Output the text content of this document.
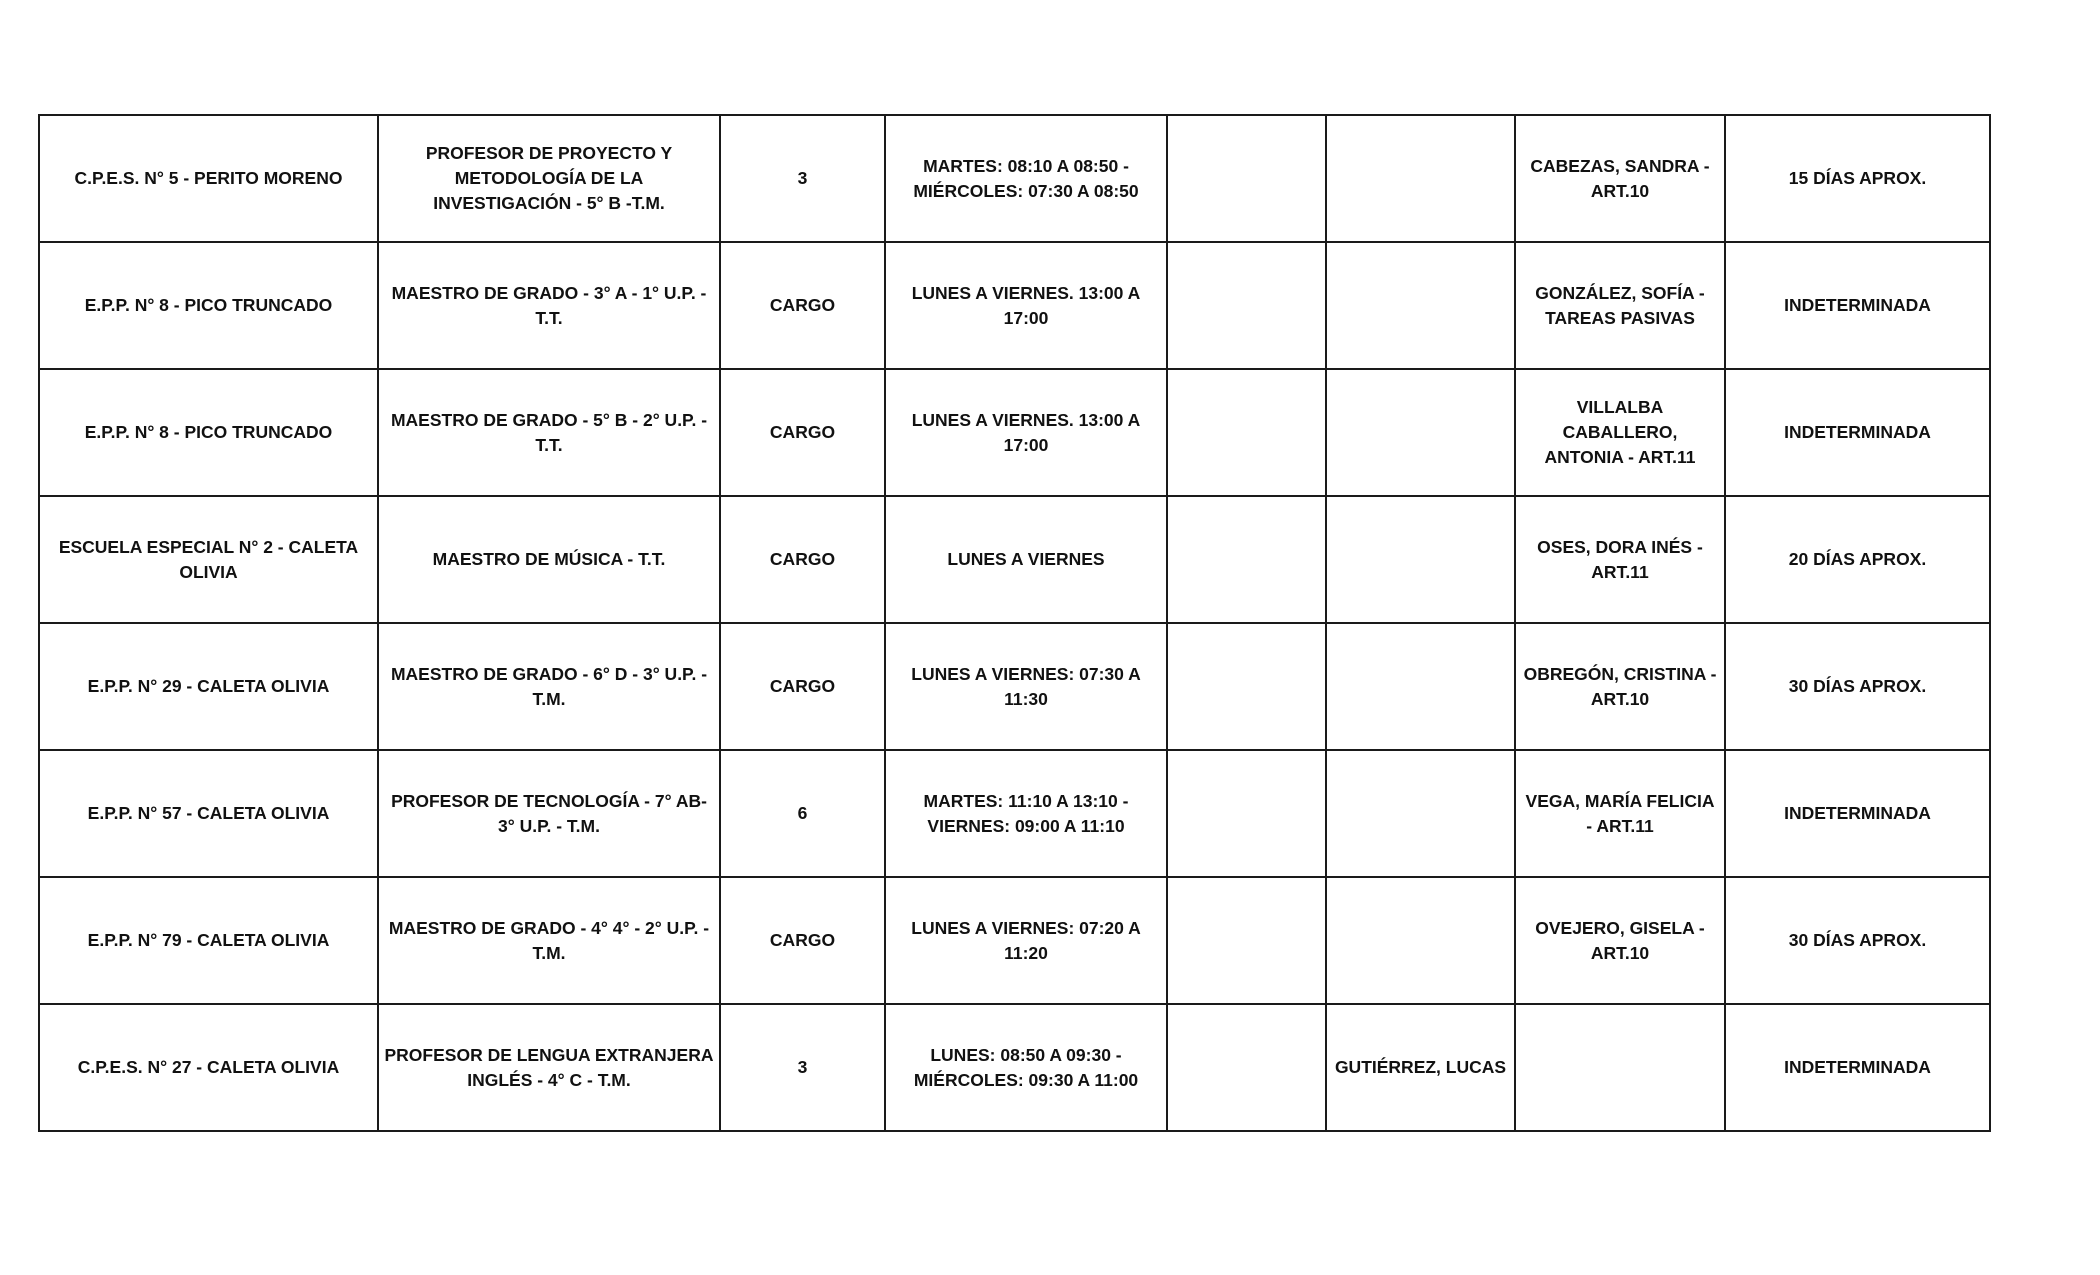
C.P.E.S. N° 5 - PERITO MORENO	PROFESOR DE PROYECTO Y METODOLOGÍA DE LA INVESTIGACIÓN - 5° B -T.M.	3	MARTES: 08:10 A 08:50 - MIÉRCOLES: 07:30 A 08:50			CABEZAS, SANDRA - ART.10	15 DÍAS APROX.
E.P.P. N° 8 - PICO TRUNCADO	MAESTRO DE GRADO - 3° A - 1° U.P. - T.T.	CARGO	LUNES A VIERNES. 13:00 A 17:00			GONZÁLEZ, SOFÍA - TAREAS PASIVAS	INDETERMINADA
E.P.P. N° 8 - PICO TRUNCADO	MAESTRO DE GRADO - 5° B - 2° U.P. - T.T.	CARGO	LUNES A VIERNES. 13:00 A 17:00			VILLALBA CABALLERO, ANTONIA - ART.11	INDETERMINADA
ESCUELA ESPECIAL N° 2 - CALETA OLIVIA	MAESTRO DE MÚSICA - T.T.	CARGO	LUNES A VIERNES			OSES, DORA INÉS - ART.11	20 DÍAS APROX.
E.P.P. N° 29 - CALETA OLIVIA	MAESTRO DE GRADO - 6° D - 3° U.P. - T.M.	CARGO	LUNES A VIERNES: 07:30 A 11:30			OBREGÓN, CRISTINA - ART.10	30 DÍAS APROX.
E.P.P. N° 57 - CALETA OLIVIA	PROFESOR DE TECNOLOGÍA - 7° AB- 3° U.P. - T.M.	6	MARTES: 11:10 A 13:10 - VIERNES: 09:00 A 11:10			VEGA, MARÍA FELICIA - ART.11	INDETERMINADA
E.P.P. N° 79 - CALETA OLIVIA	MAESTRO DE GRADO - 4° 4° - 2° U.P. - T.M.	CARGO	LUNES A VIERNES: 07:20 A 11:20			OVEJERO, GISELA - ART.10	30 DÍAS APROX.
C.P.E.S. N° 27 - CALETA OLIVIA	PROFESOR DE LENGUA EXTRANJERA INGLÉS - 4° C - T.M.	3	LUNES: 08:50 A 09:30 - MIÉRCOLES: 09:30 A 11:00		GUTIÉRREZ, LUCAS		INDETERMINADA
